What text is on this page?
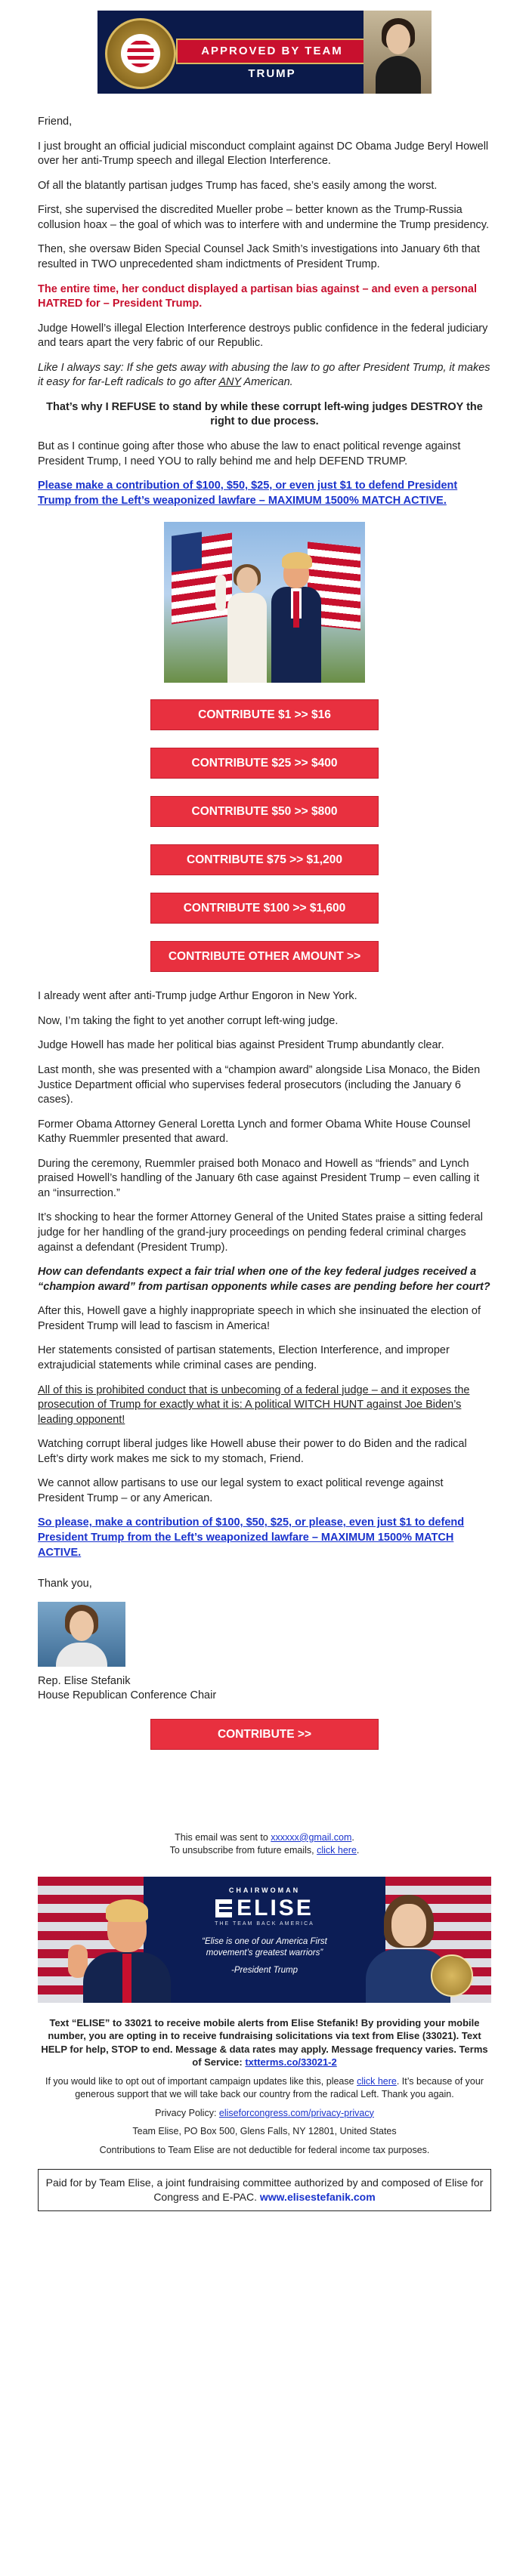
APPROVED BY TEAM TRUMP

Friend,

I just brought an official judicial misconduct complaint against DC Obama Judge Beryl Howell over her anti-Trump speech and illegal Election Interference.

Of all the blatantly partisan judges Trump has faced, she’s easily among the worst.

First, she supervised the discredited Mueller probe – better known as the Trump-Russia collusion hoax – the goal of which was to interfere with and undermine the Trump presidency.

Then, she oversaw Biden Special Counsel Jack Smith’s investigations into January 6th that resulted in TWO unprecedented sham indictments of President Trump.

The entire time, her conduct displayed a partisan bias against – and even a personal HATRED for – President Trump.

Judge Howell’s illegal Election Interference destroys public confidence in the federal judiciary and tears apart the very fabric of our Republic.

Like I always say: If she gets away with abusing the law to go after President Trump, it makes it easy for far-Left radicals to go after ANY American.

That’s why I REFUSE to stand by while these corrupt left-wing judges DESTROY the right to due process.

But as I continue going after those who abuse the law to enact political revenge against President Trump, I need YOU to rally behind me and help DEFEND TRUMP.

Please make a contribution of $100, $50, $25, or even just $1 to defend President Trump from the Left’s weaponized lawfare – MAXIMUM 1500% MATCH ACTIVE.

CONTRIBUTE $1 >> $16
CONTRIBUTE $25 >> $400
CONTRIBUTE $50 >> $800
CONTRIBUTE $75 >> $1,200
CONTRIBUTE $100 >> $1,600
CONTRIBUTE OTHER AMOUNT >>

I already went after anti-Trump judge Arthur Engoron in New York.

Now, I’m taking the fight to yet another corrupt left-wing judge.

Judge Howell has made her political bias against President Trump abundantly clear.

Last month, she was presented with a “champion award” alongside Lisa Monaco, the Biden Justice Department official who supervises federal prosecutors (including the January 6 cases).

Former Obama Attorney General Loretta Lynch and former Obama White House Counsel Kathy Ruemmler presented that award.

During the ceremony, Ruemmler praised both Monaco and Howell as “friends” and Lynch praised Howell’s handling of the January 6th case against President Trump – even calling it an “insurrection.”

It’s shocking to hear the former Attorney General of the United States praise a sitting federal judge for her handling of the grand-jury proceedings on pending federal criminal charges against a defendant (President Trump).

How can defendants expect a fair trial when one of the key federal judges received a “champion award” from partisan opponents while cases are pending before her court?

After this, Howell gave a highly inappropriate speech in which she insinuated the election of President Trump will lead to fascism in America!

Her statements consisted of partisan statements, Election Interference, and improper extrajudicial statements while criminal cases are pending.

All of this is prohibited conduct that is unbecoming of a federal judge – and it exposes the prosecution of Trump for exactly what it is: A political WITCH HUNT against Joe Biden’s leading opponent!

Watching corrupt liberal judges like Howell abuse their power to do Biden and the radical Left’s dirty work makes me sick to my stomach, Friend.

We cannot allow partisans to use our legal system to exact political revenge against President Trump – or any American.

So please, make a contribution of $100, $50, $25, or please, even just $1 to defend President Trump from the Left’s weaponized lawfare – MAXIMUM 1500% MATCH ACTIVE.

Thank you,

Rep. Elise Stefanik
House Republican Conference Chair
CONTRIBUTE >>
This email was sent to xxxxxx@gmail.com.
To unsubscribe from future emails, click here.
CHAIRWOMAN
ELISE
THE TEAM BACK AMERICA
“Elise is one of our America First movement’s greatest warriors”
-President Trump

Text “ELISE” to 33021 to receive mobile alerts from Elise Stefanik! By providing your mobile number, you are opting in to receive fundraising solicitations via text from Elise (33021). Text HELP for help, STOP to end. Message & data rates may apply. Message frequency varies. Terms of Service: txtterms.co/33021-2

If you would like to opt out of important campaign updates like this, please click here. It’s because of your generous support that we will take back our country from the radical Left. Thank you again.

Privacy Policy: eliseforcongress.com/privacy-privacy

Team Elise, PO Box 500, Glens Falls, NY 12801, United States

Contributions to Team Elise are not deductible for federal income tax purposes.

Paid for by Team Elise, a joint fundraising committee authorized by and composed of Elise for Congress and E-PAC. www.elisestefanik.com
